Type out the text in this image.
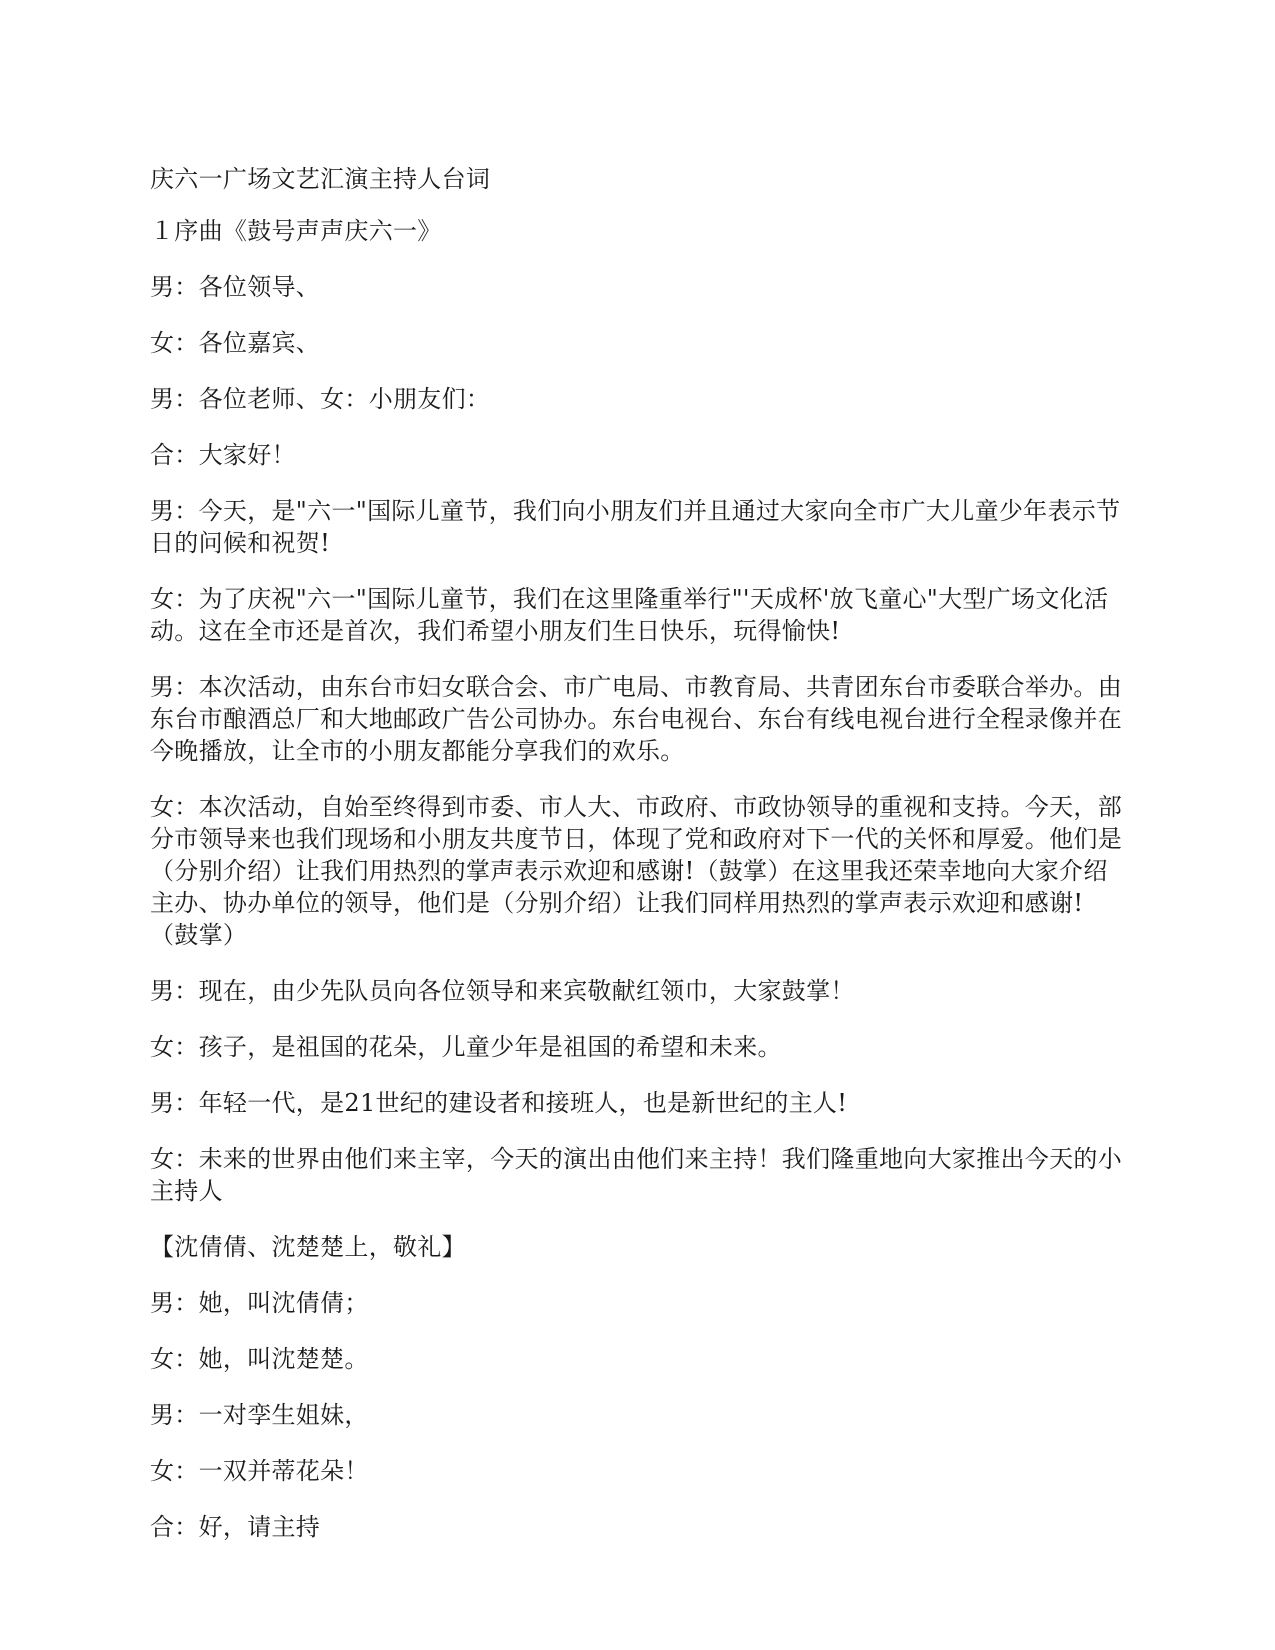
庆六一广场文艺汇演主持人台词

１序曲《鼓号声声庆六一》

男：各位领导、

女：各位嘉宾、

男：各位老师、女：小朋友们：

合：大家好！

男：今天，是"六一"国际儿童节，我们向小朋友们并且通过大家向全市广大儿童少年表示节日的问候和祝贺!

女：为了庆祝"六一"国际儿童节，我们在这里隆重举行"'天成杯'放飞童心"大型广场文化活动。这在全市还是首次，我们希望小朋友们生日快乐，玩得愉快!

男：本次活动，由东台市妇女联合会、市广电局、市教育局、共青团东台市委联合举办。由东台市酿酒总厂和大地邮政广告公司协办。东台电视台、东台有线电视台进行全程录像并在今晚播放，让全市的小朋友都能分享我们的欢乐。

女：本次活动，自始至终得到市委、市人大、市政府、市政协领导的重视和支持。今天，部分市领导来也我们现场和小朋友共度节日，体现了党和政府对下一代的关怀和厚爱。他们是（分别介绍）让我们用热烈的掌声表示欢迎和感谢!（鼓掌）在这里我还荣幸地向大家介绍主办、协办单位的领导，他们是（分别介绍）让我们同样用热烈的掌声表示欢迎和感谢!（鼓掌）

男：现在，由少先队员向各位领导和来宾敬献红领巾，大家鼓掌！

女：孩子，是祖国的花朵，儿童少年是祖国的希望和未来。

男：年轻一代，是21世纪的建设者和接班人，也是新世纪的主人!

女：未来的世界由他们来主宰，今天的演出由他们来主持！我们隆重地向大家推出今天的小主持人

【沈倩倩、沈楚楚上，敬礼】

男：她，叫沈倩倩；

女：她，叫沈楚楚。

男：一对孪生姐妹，

女：一双并蒂花朵！

合：好，请主持
